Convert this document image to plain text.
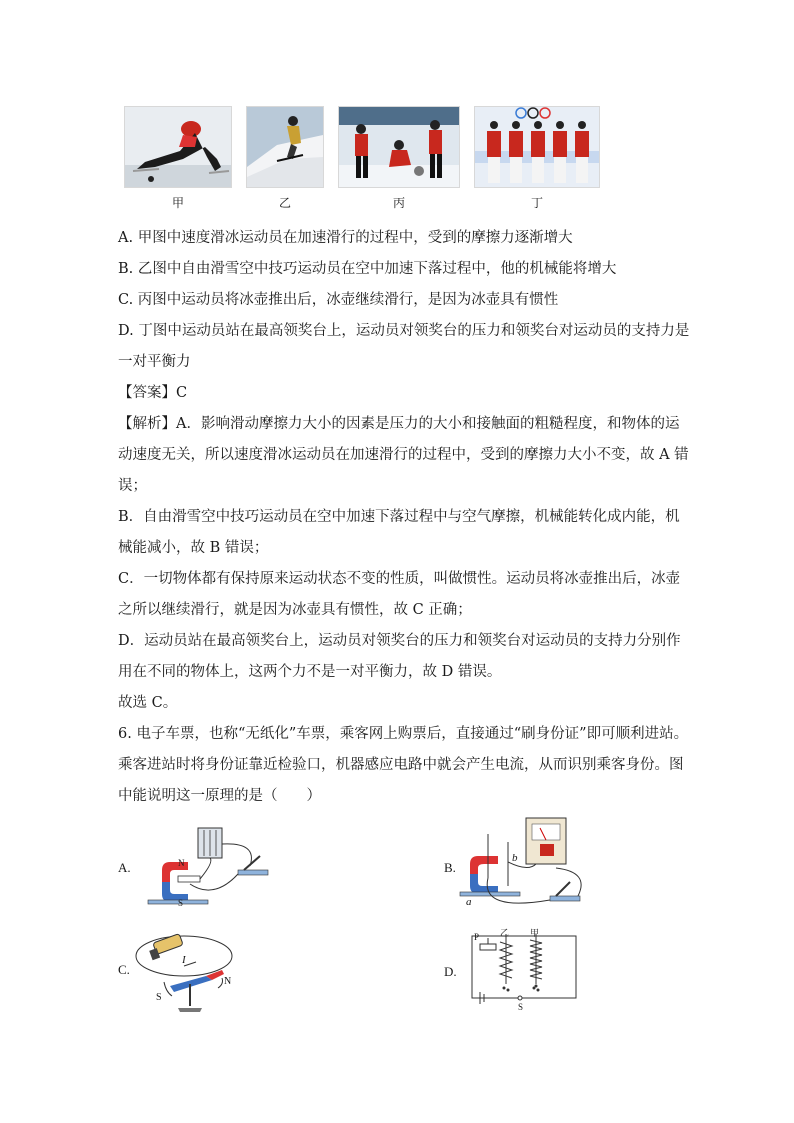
甲	乙	丙	丁
A. 甲图中速度滑冰运动员在加速滑行的过程中，受到的摩擦力逐渐增大
B. 乙图中自由滑雪空中技巧运动员在空中加速下落过程中，他的机械能将增大
C. 丙图中运动员将冰壶推出后，冰壶继续滑行，是因为冰壶具有惯性
D. 丁图中运动员站在最高领奖台上，运动员对领奖台的压力和领奖台对运动员的支持力是
一对平衡力
【答案】C
【解析】A．影响滑动摩擦力大小的因素是压力的大小和接触面的粗糙程度，和物体的运
动速度无关，所以速度滑冰运动员在加速滑行的过程中，受到的摩擦力大小不变，故 A 错
误；
B．自由滑雪空中技巧运动员在空中加速下落过程中与空气摩擦，机械能转化成内能，机
械能减小，故 B 错误；
C．一切物体都有保持原来运动状态不变的性质，叫做惯性。运动员将冰壶推出后，冰壶
之所以继续滑行，就是因为冰壶具有惯性，故 C 正确；
D．运动员站在最高领奖台上，运动员对领奖台的压力和领奖台对运动员的支持力分别作
用在不同的物体上，这两个力不是一对平衡力，故 D 错误。
故选 C。
6. 电子车票，也称“无纸化”车票，乘客网上购票后，直接通过“刷身份证”即可顺利进站。
乘客进站时将身份证靠近检验口，机器感应电路中就会产生电流，从而识别乘客身份。图
中能说明这一原理的是（　　）
A.	N
S
B.
b
a
C.
I
N
S
D.
P 乙 甲
S
